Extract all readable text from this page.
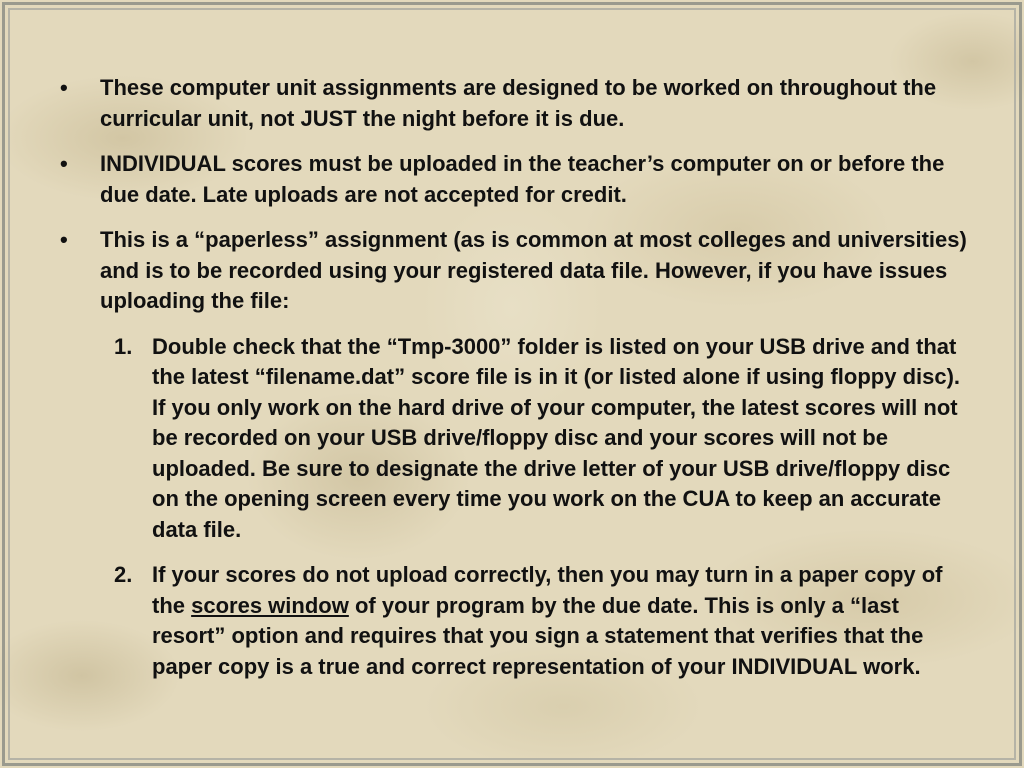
•	These computer unit assignments are designed to be worked on throughout the curricular unit, not JUST the night before it is due.
•	INDIVIDUAL scores must be uploaded in the teacher’s computer on or before the due date. Late uploads are not accepted for credit.
•	This is a “paperless” assignment (as is common at most colleges and universities) and is to be recorded using your registered data file. However, if you have issues uploading the file:
1. Double check that the “Tmp-3000” folder is listed on your USB drive and that the latest “filename.dat” score file is in it (or listed alone if using floppy disc). If you only work on the hard drive of your computer, the latest scores will not be recorded on your USB drive/floppy disc and your scores will not be uploaded. Be sure to designate the drive letter of your USB drive/floppy disc on the opening screen every time you work on the CUA to keep an accurate data file.
2. If your scores do not upload correctly, then you may turn in a paper copy of the scores window of your program by the due date. This is only a “last resort” option and requires that you sign a statement that verifies that the paper copy is a true and correct representation of your INDIVIDUAL work.
